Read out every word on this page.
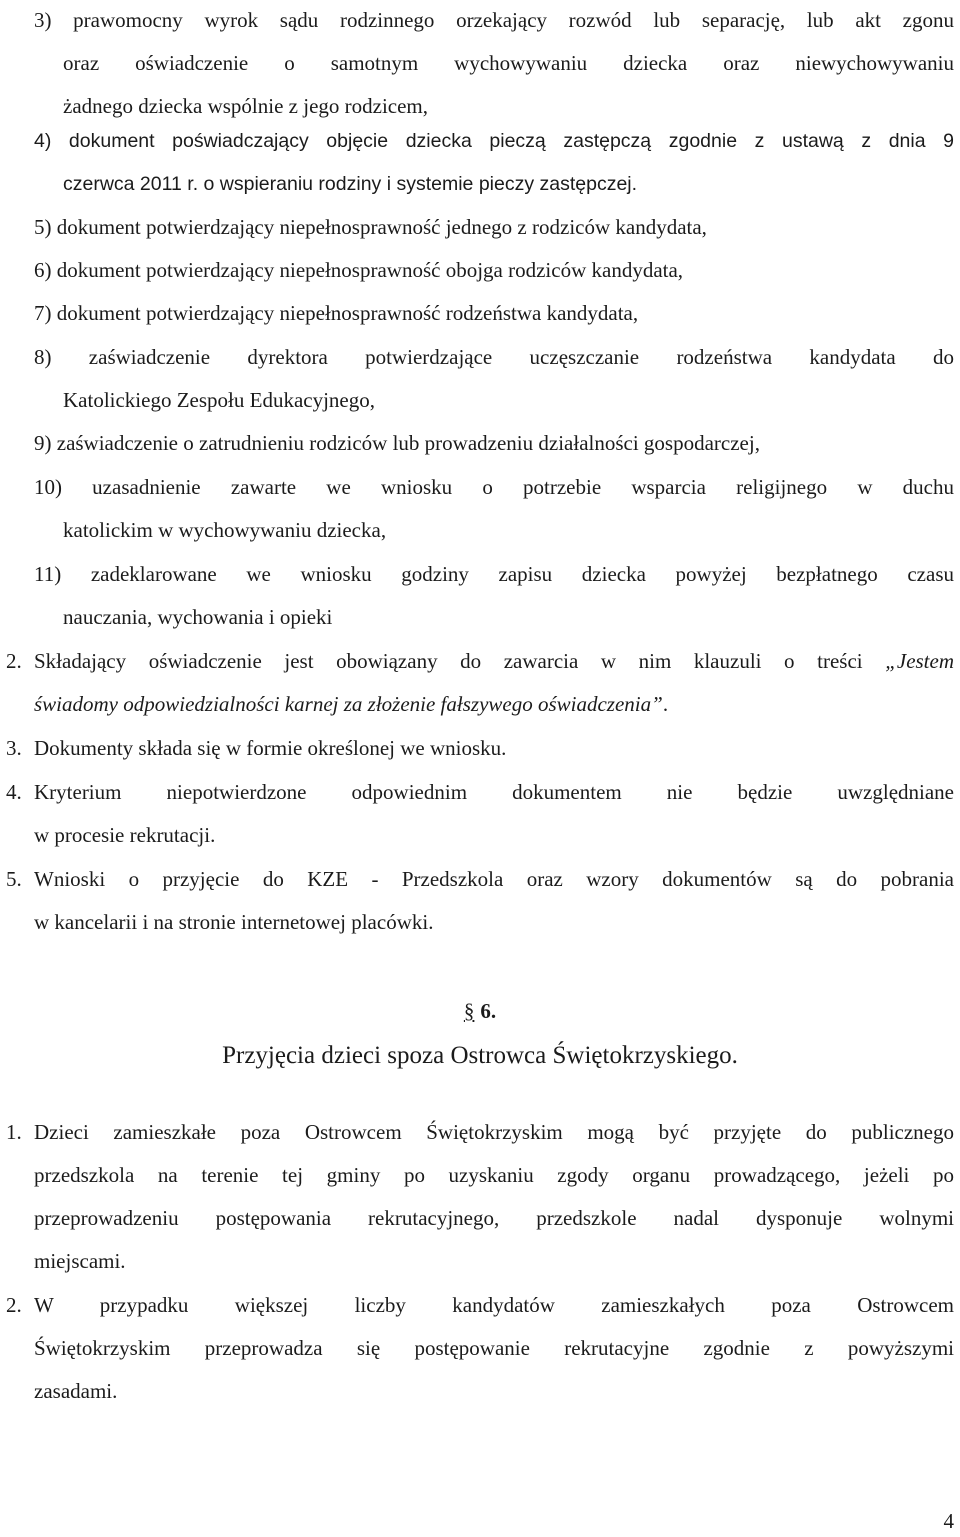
3) prawomocny wyrok sądu rodzinnego orzekający rozwód lub separację, lub akt zgonu
oraz oświadczenie o samotnym wychowywaniu dziecka oraz niewychowywaniu
żadnego dziecka wspólnie z jego rodzicem,
4) dokument poświadczający objęcie dziecka pieczą zastępczą zgodnie z ustawą z dnia 9
czerwca 2011 r. o wspieraniu rodziny i systemie pieczy zastępczej.
5) dokument potwierdzający niepełnosprawność jednego z rodziców kandydata,
6) dokument potwierdzający niepełnosprawność obojga rodziców kandydata,
7) dokument potwierdzający niepełnosprawność rodzeństwa kandydata,
8) zaświadczenie dyrektora potwierdzające uczęszczanie rodzeństwa kandydata do
Katolickiego Zespołu Edukacyjnego,
9) zaświadczenie o zatrudnieniu rodziców lub prowadzeniu działalności gospodarczej,
10) uzasadnienie zawarte we wniosku o potrzebie wsparcia religijnego w duchu
katolickim w wychowywaniu dziecka,
11) zadeklarowane we wniosku godziny zapisu dziecka powyżej bezpłatnego czasu
nauczania, wychowania i opieki
2. Składający oświadczenie jest obowiązany do zawarcia w nim klauzuli o treści „Jestem
świadomy odpowiedzialności karnej za złożenie fałszywego oświadczenia”.
3. Dokumenty składa się w formie określonej we wniosku.
4. Kryterium niepotwierdzone odpowiednim dokumentem nie będzie uwzględniane
w procesie rekrutacji.
5. Wnioski o przyjęcie do KZE - Przedszkola oraz wzory dokumentów są do pobrania
w kancelarii i na stronie internetowej placówki.
§ 6.
Przyjęcia dzieci spoza Ostrowca Świętokrzyskiego.
1. Dzieci zamieszkałe poza Ostrowcem Świętokrzyskim mogą być przyjęte do publicznego
przedszkola na terenie tej gminy po uzyskaniu zgody organu prowadzącego, jeżeli po
przeprowadzeniu postępowania rekrutacyjnego, przedszkole nadal dysponuje wolnymi
miejscami.
2. W przypadku większej liczby kandydatów zamieszkałych poza Ostrowcem
Świętokrzyskim przeprowadza się postępowanie rekrutacyjne zgodnie z powyższymi
zasadami.
4
